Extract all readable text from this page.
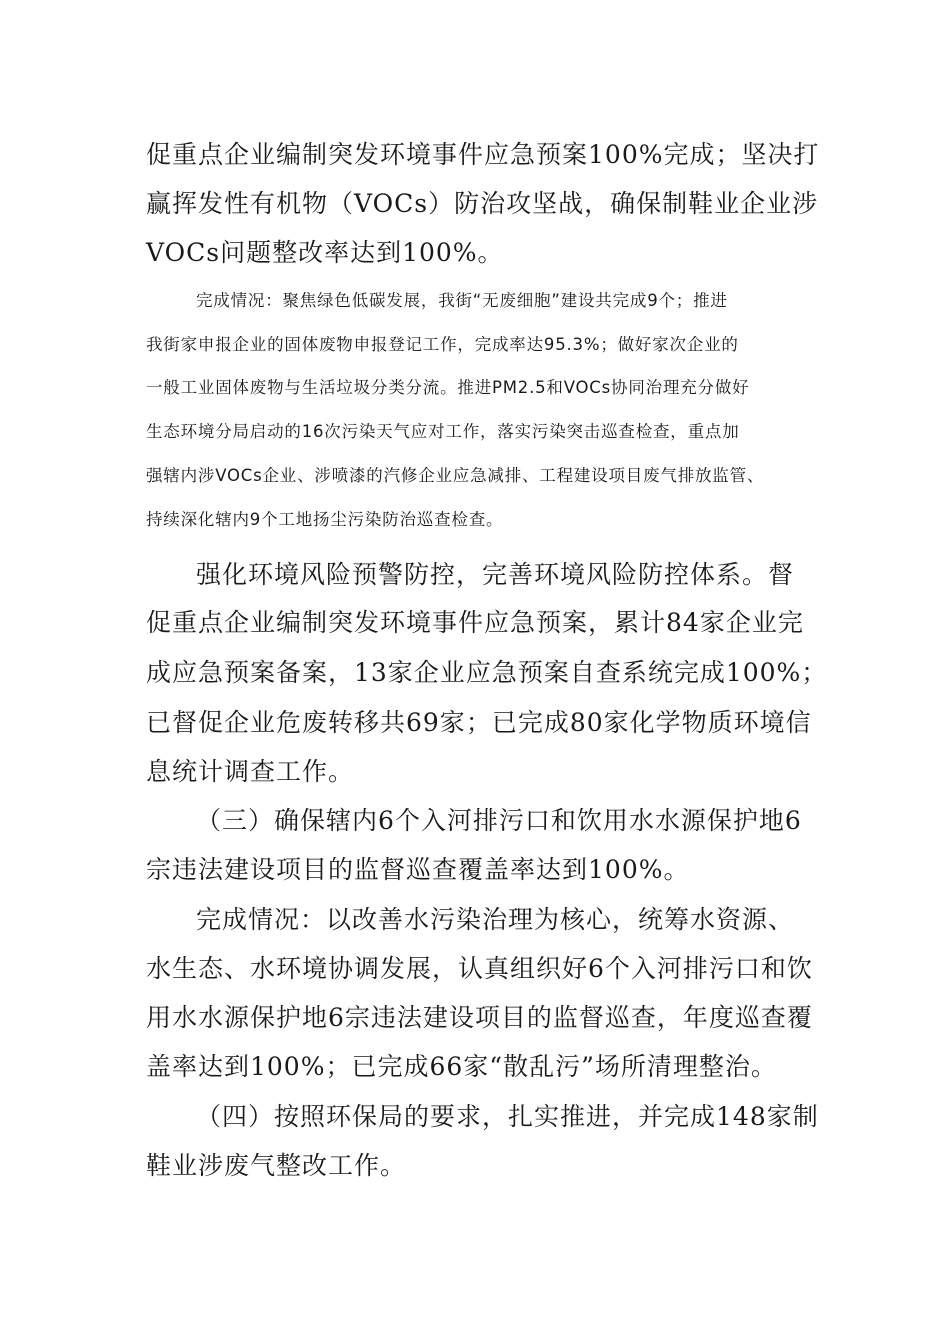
促重点企业编制突发环境事件应急预案100%完成；坚决打
赢挥发性有机物（VOCs）防治攻坚战，确保制鞋业企业涉
VOCs问题整改率达到100%。
完成情况：聚焦绿色低碳发展，我街“无废细胞”建设共完成9个；推进
我街家申报企业的固体废物申报登记工作，完成率达95.3%；做好家次企业的
一般工业固体废物与生活垃圾分类分流。推进PM2.5和VOCs协同治理充分做好
生态环境分局启动的16次污染天气应对工作，落实污染突击巡查检查，重点加
强辖内涉VOCs企业、涉喷漆的汽修企业应急减排、工程建设项目废气排放监管、
持续深化辖内9个工地扬尘污染防治巡查检查。
强化环境风险预警防控，完善环境风险防控体系。督
促重点企业编制突发环境事件应急预案，累计84家企业完
成应急预案备案，13家企业应急预案自查系统完成100%；
已督促企业危废转移共69家；已完成80家化学物质环境信
息统计调查工作。
（三）确保辖内6个入河排污口和饮用水水源保护地6
宗违法建设项目的监督巡查覆盖率达到100%。
完成情况：以改善水污染治理为核心，统筹水资源、
水生态、水环境协调发展，认真组织好6个入河排污口和饮
用水水源保护地6宗违法建设项目的监督巡查，年度巡查覆
盖率达到100%；已完成66家“散乱污”场所清理整治。
（四）按照环保局的要求，扎实推进，并完成148家制
鞋业涉废气整改工作。
